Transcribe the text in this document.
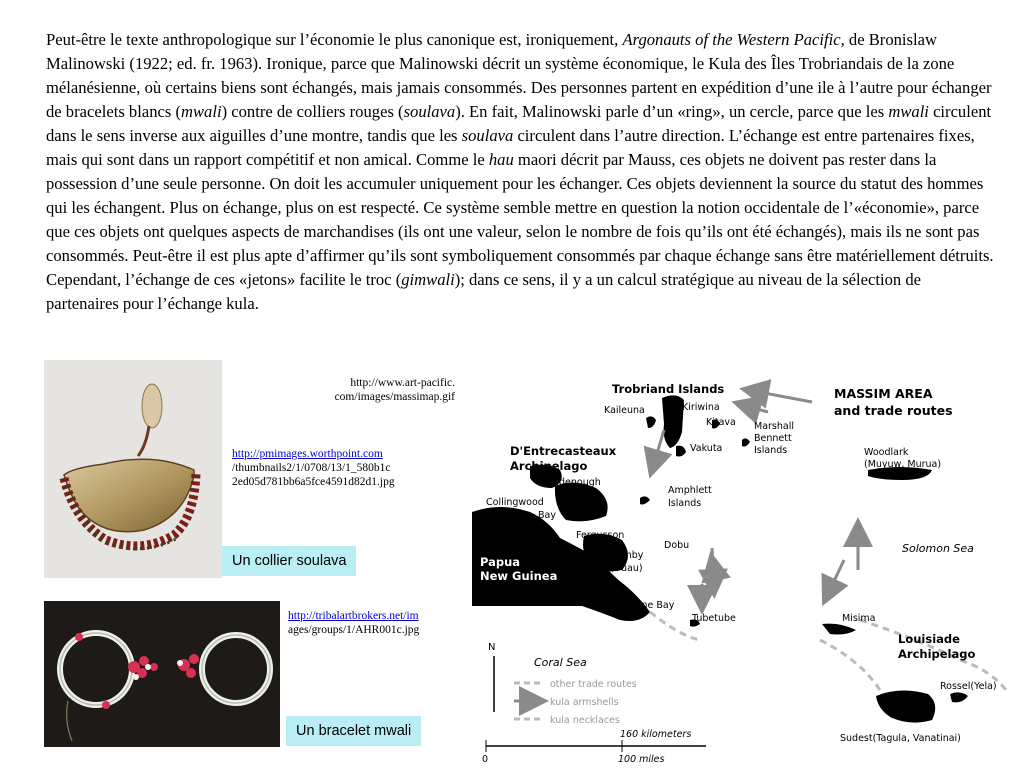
Peut-être le texte anthropologique sur l’économie le plus canonique est, ironiquement, Argonauts of the Western Pacific, de Bronislaw Malinowski (1922; ed. fr. 1963). Ironique, parce que Malinowski décrit un système économique, le Kula des Îles Trobriandais de la zone mélanésienne, où certains biens sont échangés, mais jamais consommés. Des personnes partent en expédition d’une ile à l’autre pour échanger de bracelets blancs (mwali) contre de colliers rouges (soulava). En fait, Malinowski parle d’un «ring», un cercle, parce que les mwali circulent dans le sens inverse aux aiguilles d’une montre, tandis que les soulava circulent dans l’autre direction. L’échange est entre partenaires fixes, mais qui sont dans un rapport compétitif et non amical. Comme le hau maori décrit par Mauss, ces objets ne doivent pas rester dans la possession d’une seule personne. On doit les accumuler uniquement pour les échanger. Ces objets deviennent la source du statut des hommes qui les échangent. Plus on échange, plus on est respecté. Ce système semble mettre en question la notion occidentale de l’«économie», parce que ces objets ont quelques aspects de marchandises (ils ont une valeur, selon le nombre de fois qu’ils ont été échangés), mais ils ne sont pas consommés. Peut-être il est plus apte d’affirmer qu’ils sont symboliquement consommés par chaque échange sans être matériellement détruits. Cependant, l’échange de ces «jetons» facilite le troc (gimwali); dans ce sens, il y a un calcul stratégique au niveau de la sélection de partenaires pour l’échange kula.
http://pmimages.worthpoint.com
/thumbnails2/1/0708/13/1_580b1c
2ed05d781bb6a5fce4591d82d1.jpg
Un collier soulava
http://tribalartbrokers.net/im
ages/groups/1/AHR001c.jpg
Un bracelet mwali
http://www.art-pacific.
com/images/massimap.gif
N
Trobriand Islands	MASSIM AREA
and trade routes
D'Entrecasteaux
Archipelago
Papua
New Guinea
Louisiade
Archipelago
Kaileuna	Kiriwina
Kitava
Vakuta
Marshall
Bennett
Islands
Goodenough
Woodlark
(Muyuw, Murua)
Collingwood
Bay
Amphlett
Islands
Fergusson
Dobu
Normanby
(Duau)
Milne Bay
Tubetube	Misima
Rossel(Yela)
Sudest(Tagula, Vanatinai)
160 kilometers
0	100 miles
Solomon Sea
Coral Sea
other trade routes
kula armshells
kula necklaces
